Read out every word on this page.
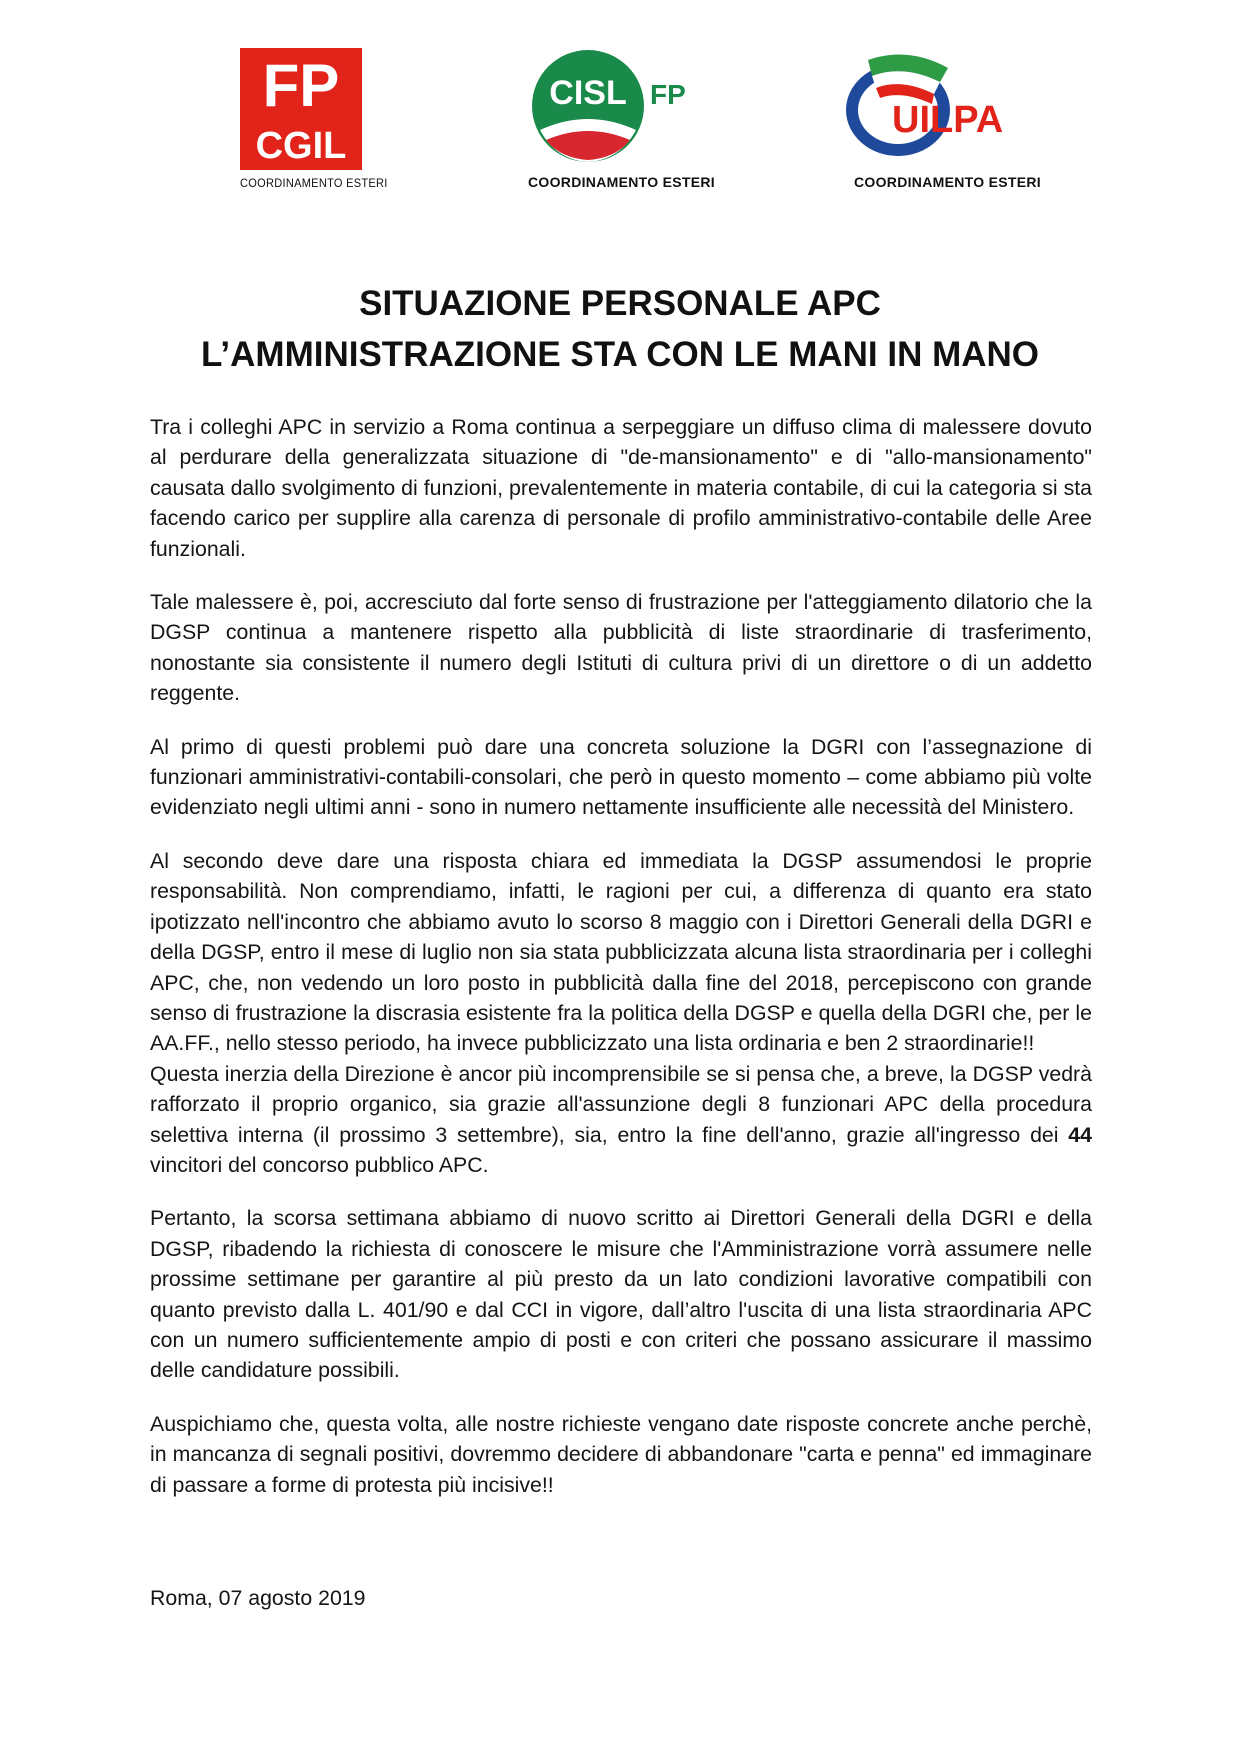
FP
CGIL
COORDINAMENTO ESTERI
CISL FP
COORDINAMENTO ESTERI
UILPA
COORDINAMENTO ESTERI
SITUAZIONE PERSONALE APC
L’AMMINISTRAZIONE STA CON LE MANI IN MANO

Tra i colleghi APC in servizio a Roma continua a serpeggiare un diffuso clima di malessere dovuto al perdurare della generalizzata situazione di "de-mansionamento" e di "allo-mansionamento" causata dallo svolgimento di funzioni, prevalentemente in materia contabile, di cui la categoria si sta facendo carico per supplire alla carenza di personale di profilo amministrativo-contabile delle Aree funzionali.

Tale malessere è, poi, accresciuto dal forte senso di frustrazione per l'atteggiamento dilatorio che la DGSP continua a mantenere rispetto alla pubblicità di liste straordinarie di trasferimento, nonostante sia consistente il numero degli Istituti di cultura privi di un direttore o di un addetto reggente.

Al primo di questi problemi può dare una concreta soluzione la DGRI con l’assegnazione di funzionari amministrativi-contabili-consolari, che però in questo momento – come abbiamo più volte evidenziato negli ultimi anni - sono in numero nettamente insufficiente alle necessità del Ministero.

Al secondo deve dare una risposta chiara ed immediata la DGSP assumendosi le proprie responsabilità. Non comprendiamo, infatti, le ragioni per cui, a differenza di quanto era stato ipotizzato nell'incontro che abbiamo avuto lo scorso 8 maggio con i Direttori Generali della DGRI e della DGSP, entro il mese di luglio non sia stata pubblicizzata alcuna lista straordinaria per i colleghi APC, che, non vedendo un loro posto in pubblicità dalla fine del 2018, percepiscono con grande senso di frustrazione la discrasia esistente fra la politica della DGSP e quella della DGRI che, per le AA.FF., nello stesso periodo, ha invece pubblicizzato una lista ordinaria e ben 2 straordinarie!!

Questa inerzia della Direzione è ancor più incomprensibile se si pensa che, a breve, la DGSP vedrà rafforzato il proprio organico, sia grazie all'assunzione degli 8 funzionari APC della procedura selettiva interna (il prossimo 3 settembre), sia, entro la fine dell'anno, grazie all'ingresso dei 44 vincitori del concorso pubblico APC.

Pertanto, la scorsa settimana abbiamo di nuovo scritto ai Direttori Generali della DGRI e della DGSP, ribadendo la richiesta di conoscere le misure che l'Amministrazione vorrà assumere nelle prossime settimane per garantire al più presto da un lato condizioni lavorative compatibili con quanto previsto dalla L. 401/90 e dal CCI in vigore, dall’altro l'uscita di una lista straordinaria APC con un numero sufficientemente ampio di posti e con criteri che possano assicurare il massimo delle candidature possibili.

Auspichiamo che, questa volta, alle nostre richieste vengano date risposte concrete anche perchè, in mancanza di segnali positivi, dovremmo decidere di abbandonare "carta e penna" ed immaginare di passare a forme di protesta più incisive!!

Roma, 07 agosto 2019
